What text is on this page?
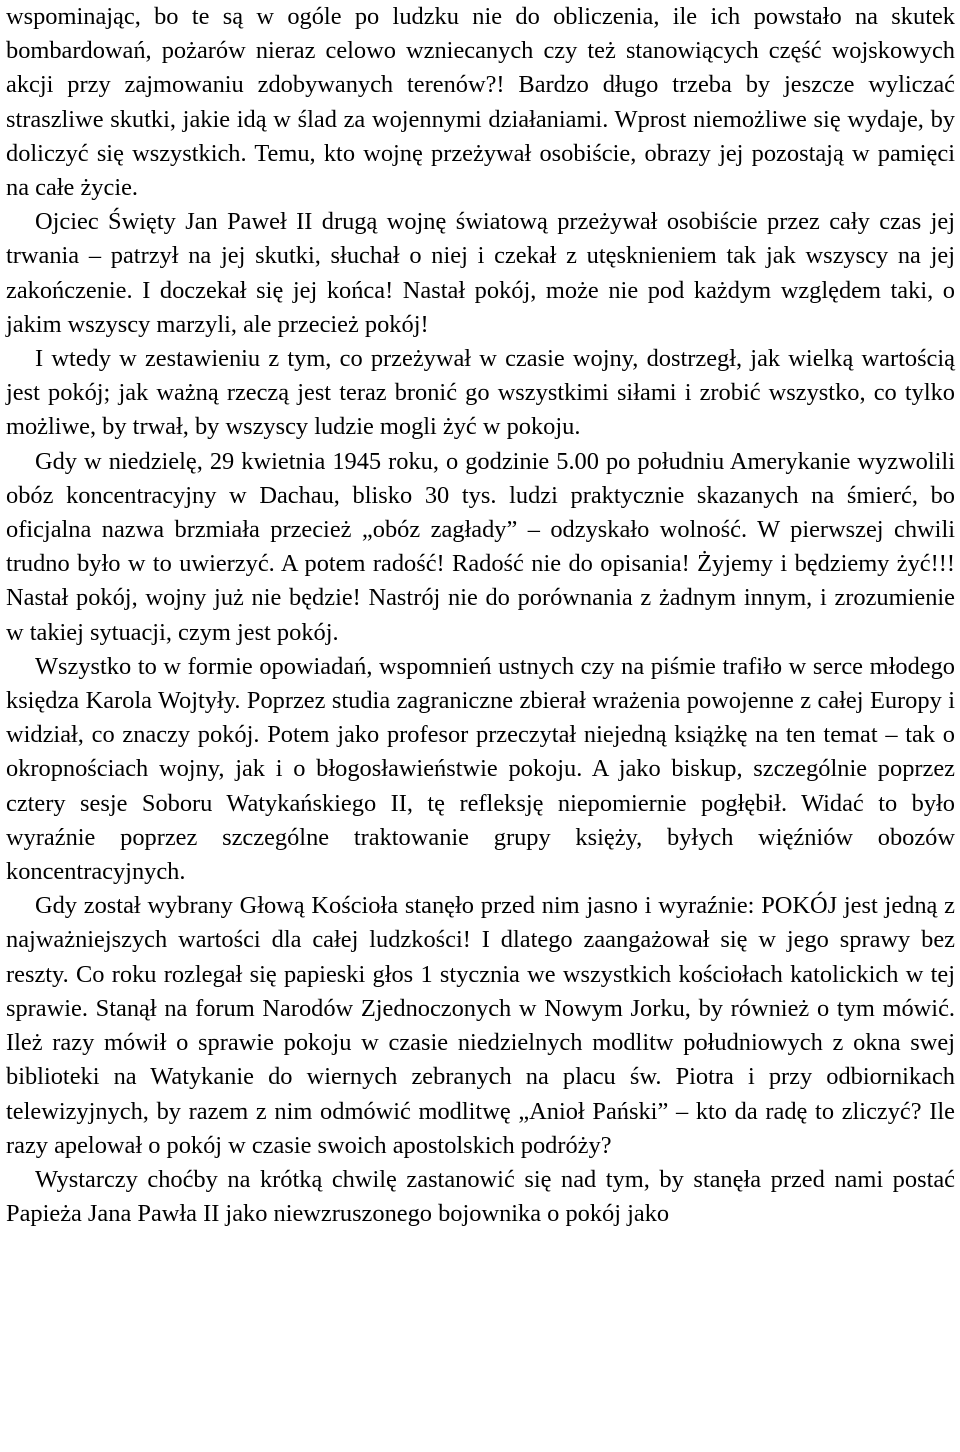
wspominając, bo te są w ogóle po ludzku nie do obliczenia, ile ich powstało na skutek bombardowań, pożarów nieraz celowo wzniecanych czy też stanowiących część wojskowych akcji przy zajmowaniu zdobywanych terenów?! Bardzo długo trzeba by jeszcze wyliczać straszliwe skutki, jakie idą w ślad za wojennymi działaniami. Wprost niemożliwe się wydaje, by doliczyć się wszystkich. Temu, kto wojnę przeżywał osobiście, obrazy jej pozostają w pamięci na całe życie.

Ojciec Święty Jan Paweł II drugą wojnę światową przeżywał osobiście przez cały czas jej trwania – patrzył na jej skutki, słuchał o niej i czekał z utęsknieniem tak jak wszyscy na jej zakończenie. I doczekał się jej końca! Nastał pokój, może nie pod każdym względem taki, o jakim wszyscy marzyli, ale przecież pokój!

I wtedy w zestawieniu z tym, co przeżywał w czasie wojny, dostrzegł, jak wielką wartością jest pokój; jak ważną rzeczą jest teraz bronić go wszystkimi siłami i zrobić wszystko, co tylko możliwe, by trwał, by wszyscy ludzie mogli żyć w pokoju.

Gdy w niedzielę, 29 kwietnia 1945 roku, o godzinie 5.00 po południu Amerykanie wyzwolili obóz koncentracyjny w Dachau, blisko 30 tys. ludzi praktycznie skazanych na śmierć, bo oficjalna nazwa brzmiała przecież „obóz zagłady” – odzyskało wolność. W pierwszej chwili trudno było w to uwierzyć. A potem radość! Radość nie do opisania! Żyjemy i będziemy żyć!!! Nastał pokój, wojny już nie będzie! Nastrój nie do porównania z żadnym innym, i zrozumienie w takiej sytuacji, czym jest pokój.

Wszystko to w formie opowiadań, wspomnień ustnych czy na piśmie trafiło w serce młodego księdza Karola Wojtyły. Poprzez studia zagraniczne zbierał wrażenia powojenne z całej Europy i widział, co znaczy pokój. Potem jako profesor przeczytał niejedną książkę na ten temat – tak o okropnościach wojny, jak i o błogosławieństwie pokoju. A jako biskup, szczególnie poprzez cztery sesje Soboru Watykańskiego II, tę refleksję niepomiernie pogłębił. Widać to było wyraźnie poprzez szczególne traktowanie grupy księży, byłych więźniów obozów koncentracyjnych.

Gdy został wybrany Głową Kościoła stanęło przed nim jasno i wyraźnie: POKÓJ jest jedną z najważniejszych wartości dla całej ludzkości! I dlatego zaangażował się w jego sprawy bez reszty. Co roku rozlegał się papieski głos 1 stycznia we wszystkich kościołach katolickich w tej sprawie. Stanął na forum Narodów Zjednoczonych w Nowym Jorku, by również o tym mówić. Ileż razy mówił o sprawie pokoju w czasie niedzielnych modlitw południowych z okna swej biblioteki na Watykanie do wiernych zebranych na placu św. Piotra i przy odbiornikach telewizyjnych, by razem z nim odmówić modlitwę „Anioł Pański” – kto da radę to zliczyć? Ile razy apelował o pokój w czasie swoich apostolskich podróży?

Wystarczy choćby na krótką chwilę zastanowić się nad tym, by stanęła przed nami postać Papieża Jana Pawła II jako niewzruszonego bojownika o pokój jako
